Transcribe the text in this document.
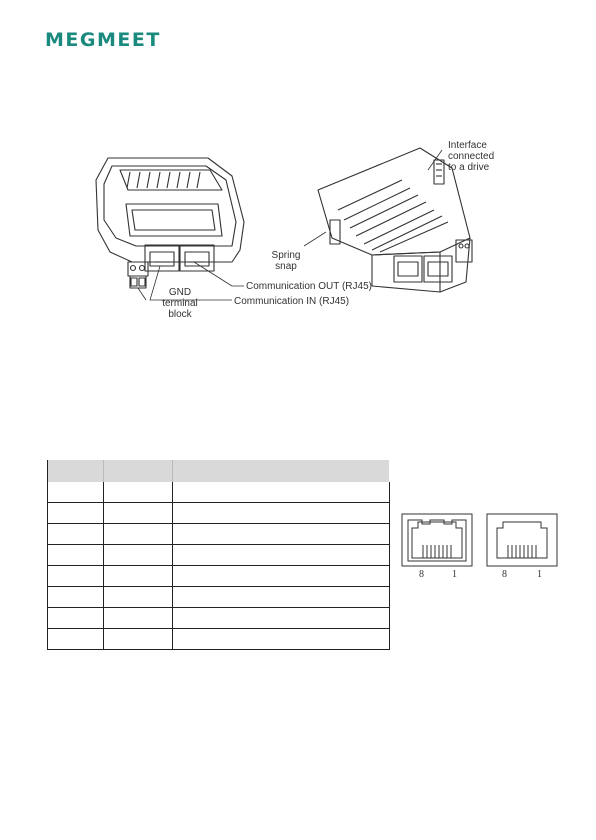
MEGMEET
Interface
connected
to a drive
Spring
snap
Communication OUT (RJ45)
Communication IN (RJ45)
GND
terminal
block

8	1	8	1
